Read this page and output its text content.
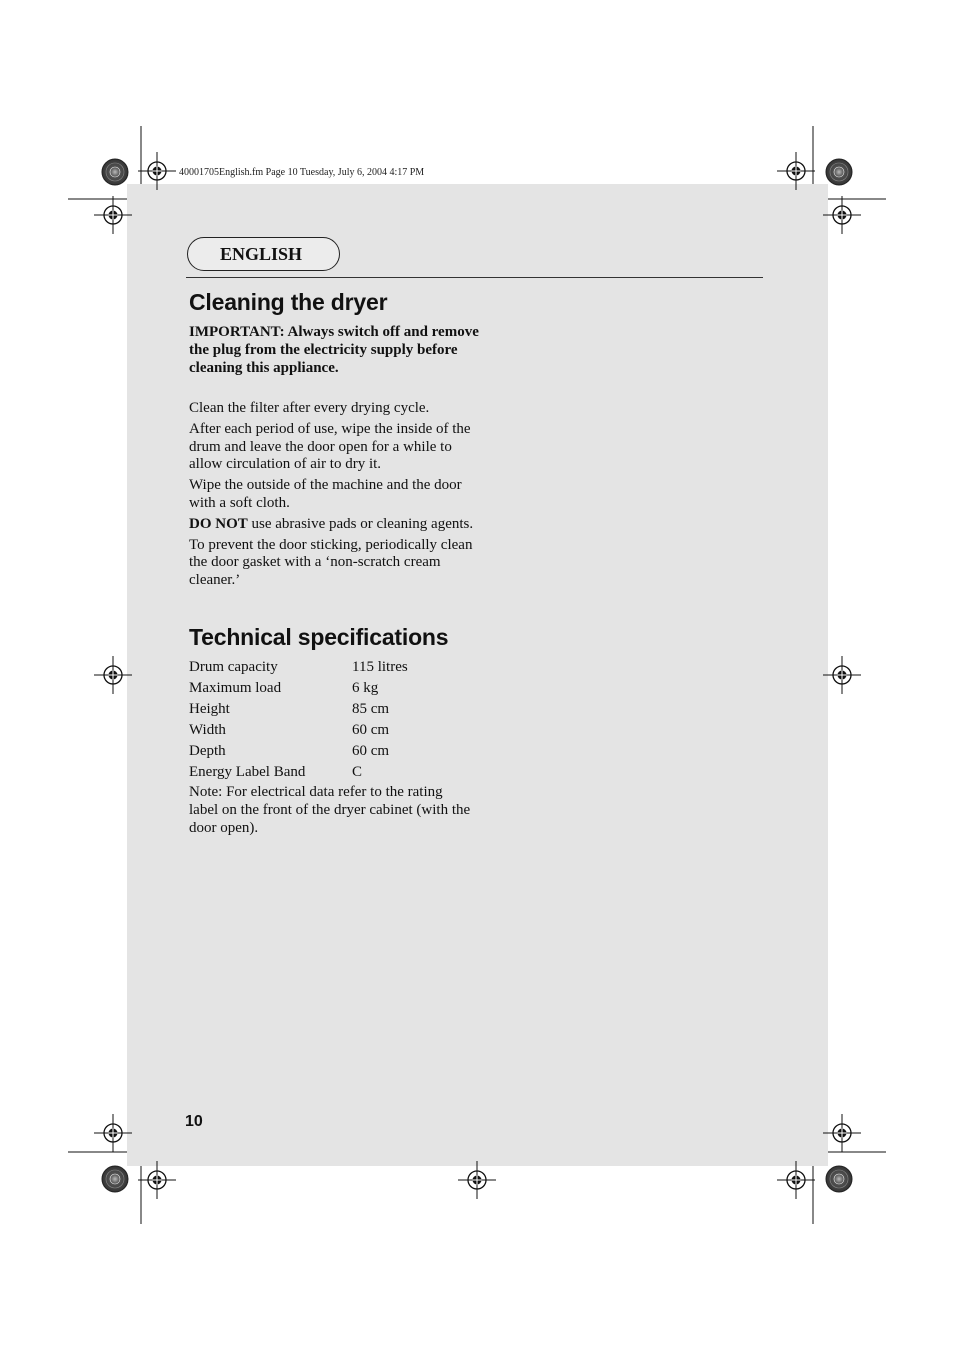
40001705English.fm Page 10 Tuesday, July 6, 2004 4:17 PM
ENGLISH
Cleaning the dryer
IMPORTANT: Always switch off and remove the plug from the electricity supply before cleaning this appliance.

Clean the filter after every drying cycle.

After each period of use, wipe the inside of the drum and leave the door open for a while to allow circulation of air to dry it.

Wipe the outside of the machine and the door with a soft cloth.

DO NOT use abrasive pads or cleaning agents.

To prevent the door sticking, periodically clean the door gasket with a ‘non-scratch cream cleaner.’

Technical specifications
Drum capacity	115 litres
Maximum load	6 kg
Height	85 cm
Width	60 cm
Depth	60 cm
Energy Label Band	C
Note: For electrical data refer to the rating label on the front of the dryer cabinet (with the door open).
10
